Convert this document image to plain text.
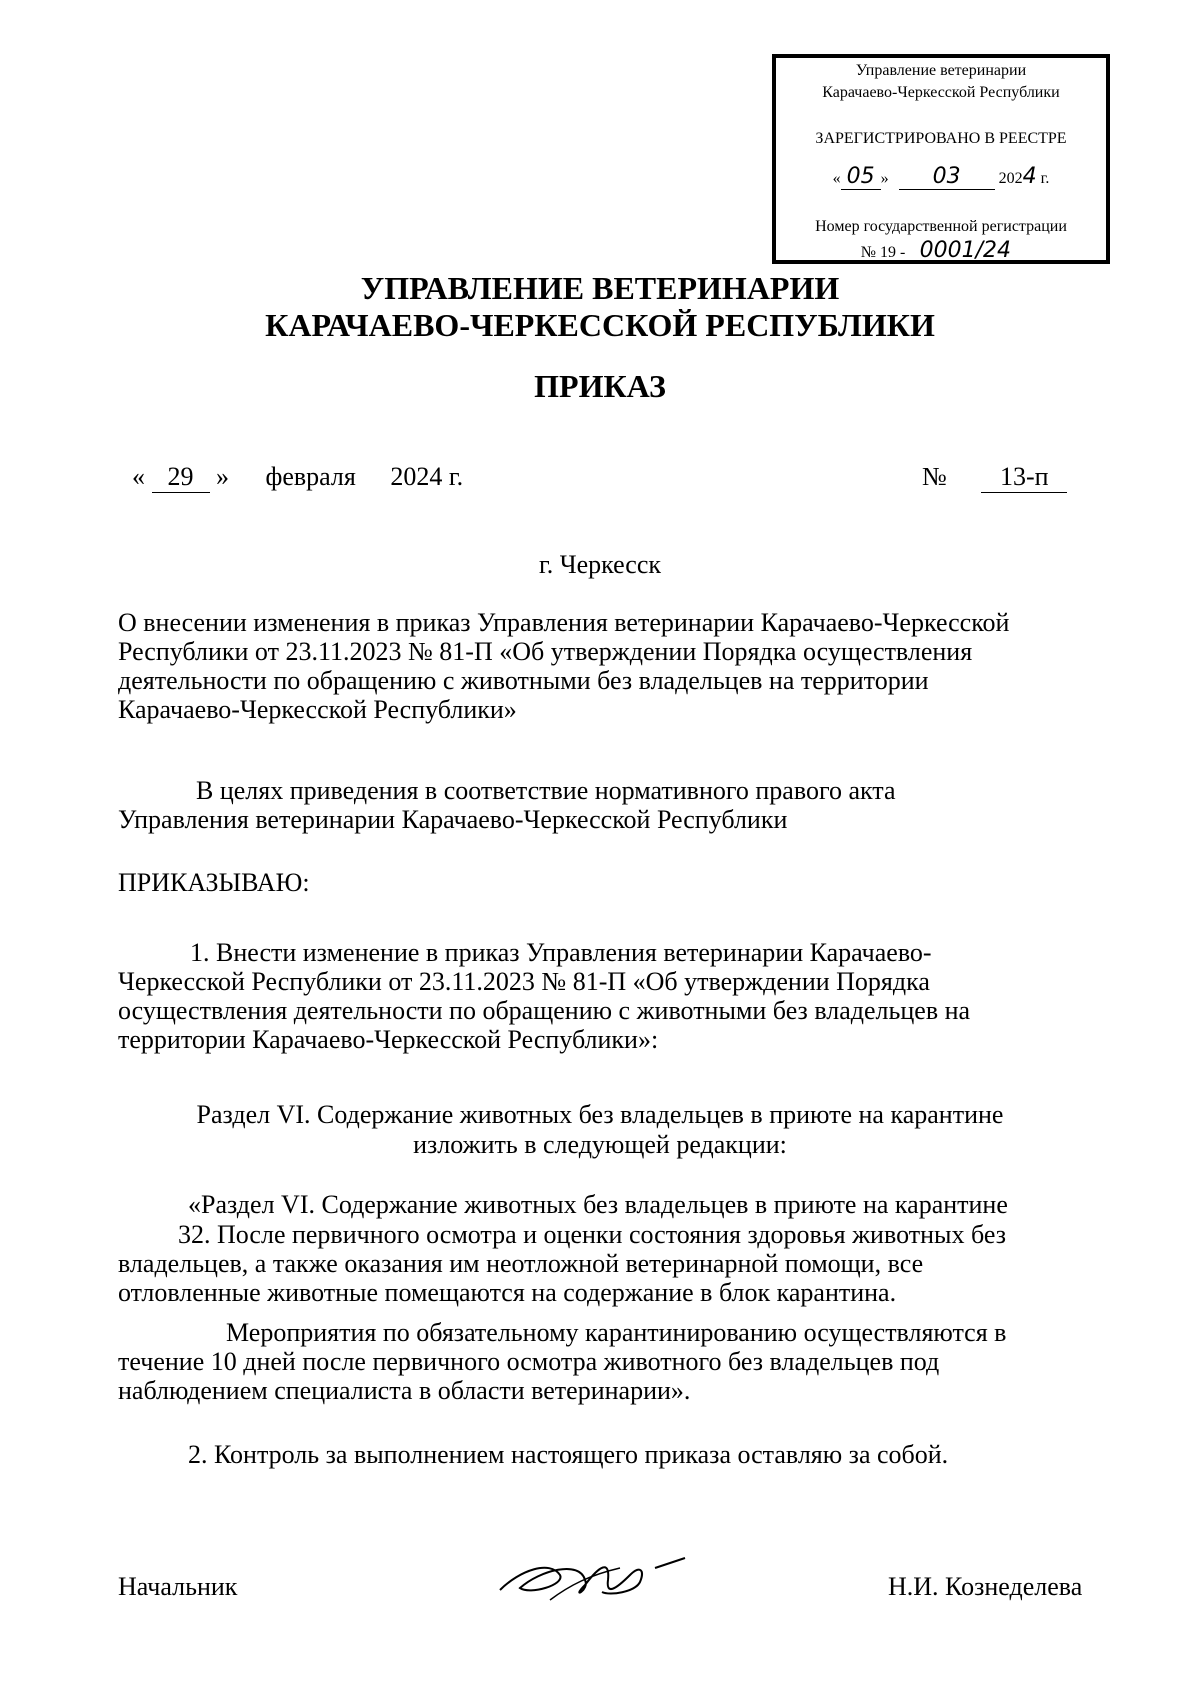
Управление ветеринарии
Карачаево-Черкесской Республики
ЗАРЕГИСТРИРОВАНО В РЕЕСТРЕ
« 05 » 03 2024 г.
Номер государственной регистрации
№ 19 - 0001/24
УПРАВЛЕНИЕ ВЕТЕРИНАРИИ
КАРАЧАЕВО-ЧЕРКЕССКОЙ РЕСПУБЛИКИ
ПРИКАЗ
« 29 » февраля 2024 г.	№ 13-п
г. Черкесск
О внесении изменения в приказ Управления ветеринарии Карачаево-Черкесской
Республики от 23.11.2023 № 81-П «Об утверждении Порядка осуществления
деятельности по обращению с животными без владельцев на территории
Карачаево-Черкесской Республики»
В целях приведения в соответствие нормативного правого акта
Управления ветеринарии Карачаево-Черкесской Республики
ПРИКАЗЫВАЮ:
1. Внести изменение в приказ Управления ветеринарии Карачаево-
Черкесской Республики от 23.11.2023 № 81-П «Об утверждении Порядка
осуществления деятельности по обращению с животными без владельцев на
территории Карачаево-Черкесской Республики»:
Раздел VI. Содержание животных без владельцев в приюте на карантине
изложить в следующей редакции:
«Раздел VI. Содержание животных без владельцев в приюте на карантине
32. После первичного осмотра и оценки состояния здоровья животных без
владельцев, а также оказания им неотложной ветеринарной помощи, все
отловленные животные помещаются на содержание в блок карантина.
Мероприятия по обязательному карантинированию осуществляются в
течение 10 дней после первичного осмотра животного без владельцев под
наблюдением специалиста в области ветеринарии».
2. Контроль за выполнением настоящего приказа оставляю за собой.
Начальник	Н.И. Кознеделева
